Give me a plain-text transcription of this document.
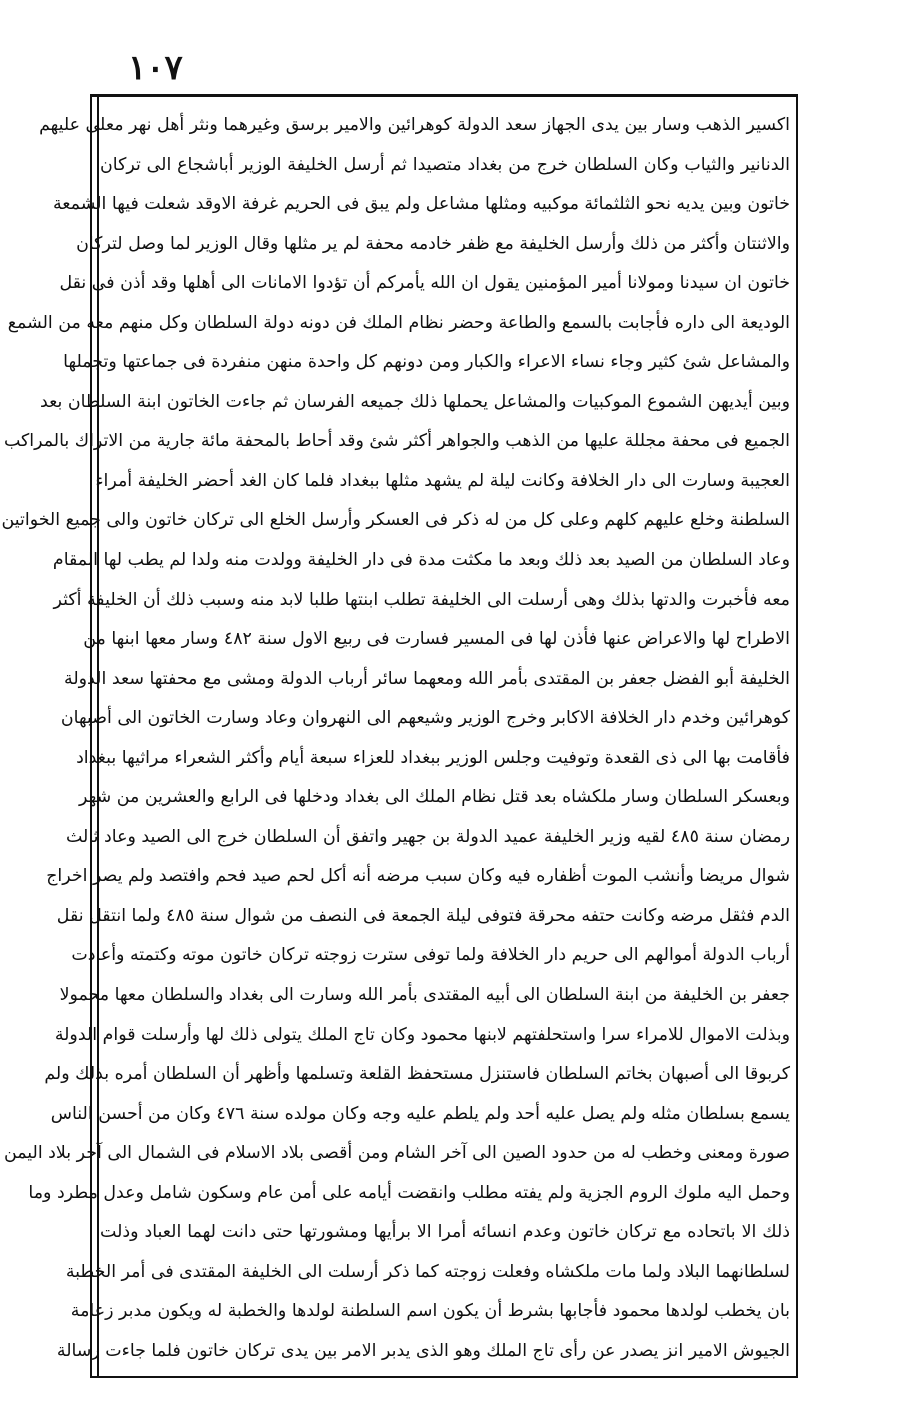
١٠٧
اكسير الذهب وسار بين يدى الجهاز سعد الدولة كوهرائين والامير برسق وغيرهما ونثر أهل نهر معلى عليهم
الدنانير والثياب وكان السلطان خرج من بغداد متصيدا ثم أرسل الخليفة الوزير أباشجاع الى تركان
خاتون وبين يديه نحو الثلثمائة موكبيه ومثلها مشاعل ولم يبق فى الحريم غرفة الاوقد شعلت فيها الشمعة
والاثنتان وأكثر من ذلك وأرسل الخليفة مع ظفر خادمه محفة لم ير مثلها وقال الوزير لما وصل لتركان
خاتون ان سيدنا ومولانا أمير المؤمنين يقول ان الله يأمركم أن تؤدوا الامانات الى أهلها وقد أذن فى نقل
الوديعة الى داره فأجابت بالسمع والطاعة وحضر نظام الملك فن دونه دولة السلطان وكل منهم معه من الشمع
والمشاعل شئ كثير وجاء نساء الاعراء والكبار ومن دونهم كل واحدة منهن منفردة فى جماعتها وتجملها
وبين أيديهن الشموع الموكبيات والمشاعل يحملها ذلك جميعه الفرسان ثم جاءت الخاتون ابنة السلطان بعد
الجميع فى محفة مجللة عليها من الذهب والجواهر أكثر شئ وقد أحاط بالمحفة مائة جارية من الاتراك بالمراكب
العجيبة وسارت الى دار الخلافة وكانت ليلة لم يشهد مثلها ببغداد فلما كان الغد أحضر الخليفة أمراء
السلطنة وخلع عليهم كلهم وعلى كل من له ذكر فى العسكر وأرسل الخلع الى تركان خاتون والى جميع الخواتين
وعاد السلطان من الصيد بعد ذلك وبعد ما مكثت مدة فى دار الخليفة وولدت منه ولدا لم يطب لها المقام
معه فأخبرت والدتها بذلك وهى أرسلت الى الخليفة تطلب ابنتها طلبا لابد منه وسبب ذلك أن الخليفة أكثر
الاطراح لها والاعراض عنها فأذن لها فى المسير فسارت فى ربيع الاول سنة ٤٨٢ وسار معها ابنها من
الخليفة أبو الفضل جعفر بن المقتدى بأمر الله ومعهما سائر أرباب الدولة ومشى مع محفتها سعد الدولة
كوهرائين وخدم دار الخلافة الاكابر وخرج الوزير وشيعهم الى النهروان وعاد وسارت الخاتون الى أصبهان
فأقامت بها الى ذى القعدة وتوفيت وجلس الوزير ببغداد للعزاء سبعة أيام وأكثر الشعراء مراثيها ببغداد
وبعسكر السلطان وسار ملكشاه بعد قتل نظام الملك الى بغداد ودخلها فى الرابع والعشرين من شهر
رمضان سنة ٤٨٥ لقيه وزير الخليفة عميد الدولة بن جهير واتفق أن السلطان خرج الى الصيد وعاد ثالث
شوال مريضا وأنشب الموت أظفاره فيه وكان سبب مرضه أنه أكل لحم صيد فحم وافتصد ولم يصر اخراج
الدم فثقل مرضه وكانت حتفه محرقة فتوفى ليلة الجمعة فى النصف من شوال سنة ٤٨٥ ولما انتقل نقل
أرباب الدولة أموالهم الى حريم دار الخلافة ولما توفى سترت زوجته تركان خاتون موته وكتمته وأعادت
جعفر بن الخليفة من ابنة السلطان الى أبيه المقتدى بأمر الله وسارت الى بغداد والسلطان معها محمولا
وبذلت الاموال للامراء سرا واستحلفتهم لابنها محمود وكان تاج الملك يتولى ذلك لها وأرسلت قوام الدولة
كربوقا الى أصبهان بخاتم السلطان فاستنزل مستحفظ القلعة وتسلمها وأظهر أن السلطان أمره بذلك ولم
يسمع بسلطان مثله ولم يصل عليه أحد ولم يلطم عليه وجه وكان مولده سنة ٤٧٦ وكان من أحسن الناس
صورة ومعنى وخطب له من حدود الصين الى آخر الشام ومن أقصى بلاد الاسلام فى الشمال الى آخر بلاد اليمن
وحمل اليه ملوك الروم الجزية ولم يفته مطلب وانقضت أيامه على أمن عام وسكون شامل وعدل مطرد وما
ذلك الا باتحاده مع تركان خاتون وعدم انسائه أمرا الا برأيها ومشورتها حتى دانت لهما العباد وذلت
لسلطانهما البلاد ولما مات ملكشاه وفعلت زوجته كما ذكر أرسلت الى الخليفة المقتدى فى أمر الخطبة
بان يخطب لولدها محمود فأجابها بشرط أن يكون اسم السلطنة لولدها والخطبة له ويكون مدبر زعامة
الجيوش الامير انز يصدر عن رأى تاج الملك وهو الذى يدبر الامر بين يدى تركان خاتون فلما جاءت رسالة
